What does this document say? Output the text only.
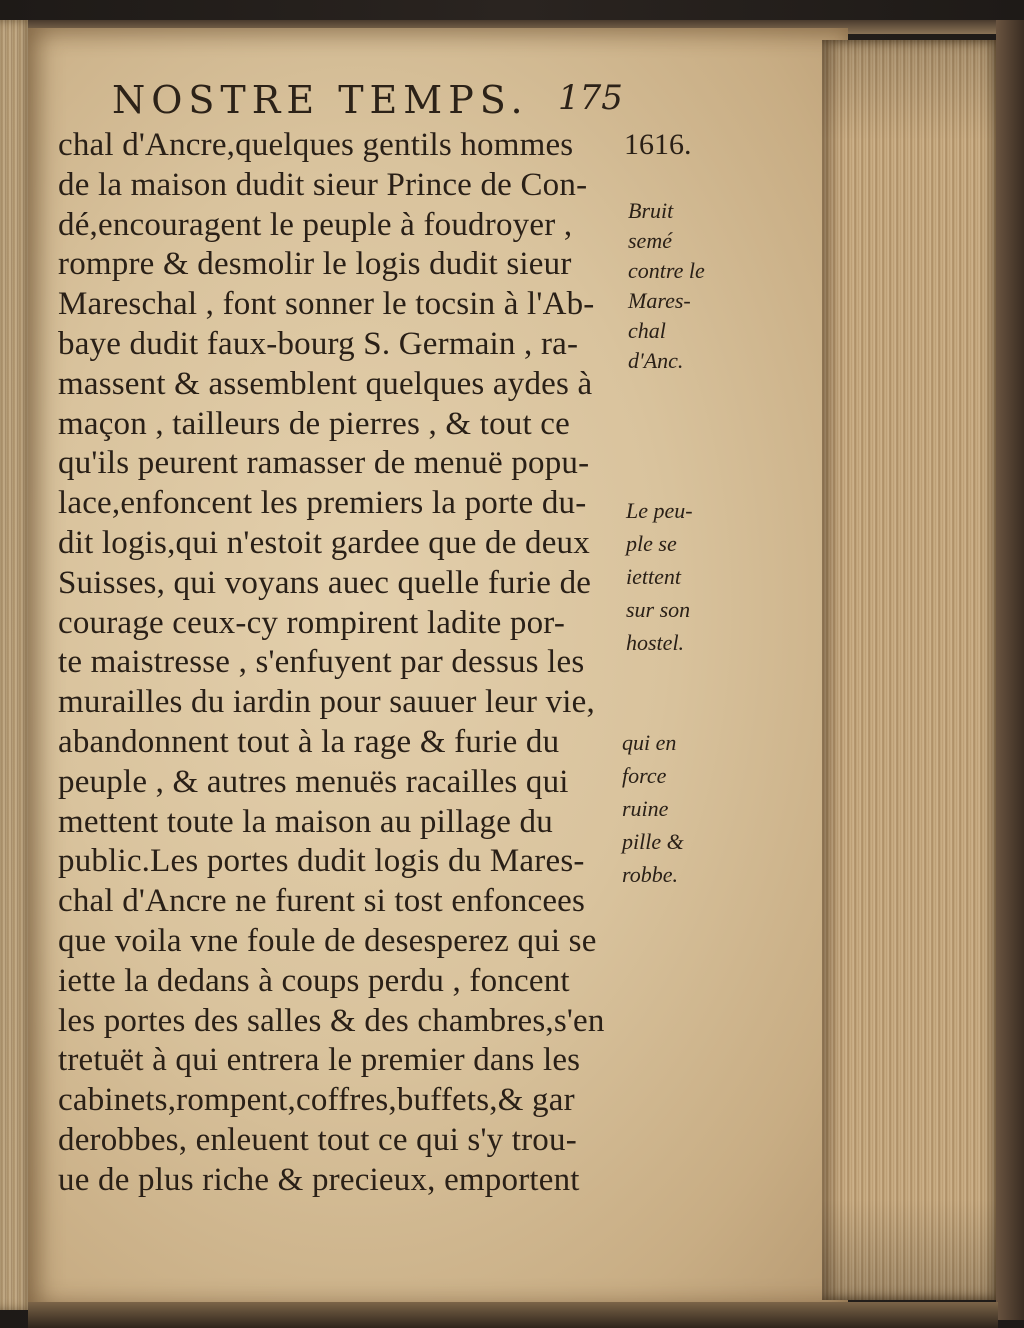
NOSTRE TEMPS. 175
1616.
chal d'Ancre,quelques gentils hommes
de la maison dudit sieur Prince de Con-
dé,encouragent le peuple à foudroyer ,
rompre & desmolir le logis dudit sieur
Mareschal , font sonner le tocsin à l'Ab-
baye dudit faux-bourg S. Germain , ra-
massent & assemblent quelques aydes à
maçon , tailleurs de pierres , & tout ce
qu'ils peurent ramasser de menuë popu-
lace,enfoncent les premiers la porte du-
dit logis,qui n'estoit gardee que de deux
Suisses, qui voyans auec quelle furie de
courage ceux-cy rompirent ladite por-
te maistresse , s'enfuyent par dessus les
murailles du iardin pour sauuer leur vie,
abandonnent tout à la rage & furie du
peuple , & autres menuës racailles qui
mettent toute la maison au pillage du
public.Les portes dudit logis du Mares-
chal d'Ancre ne furent si tost enfoncees
que voila vne foule de desesperez qui se
iette la dedans à coups perdu , foncent
les portes des salles & des chambres,s'en
tretuët à qui entrera le premier dans les
cabinets,rompent,coffres,buffets,& gar
derobbes, enleuent tout ce qui s'y trou-
ue de plus riche & precieux, emportent
Bruit
semé
contre le
Mares-
chal
d'Anc.
Le peu-
ple se
iettent
sur son
hostel.
qui en
force
ruine
pille &
robbe.
